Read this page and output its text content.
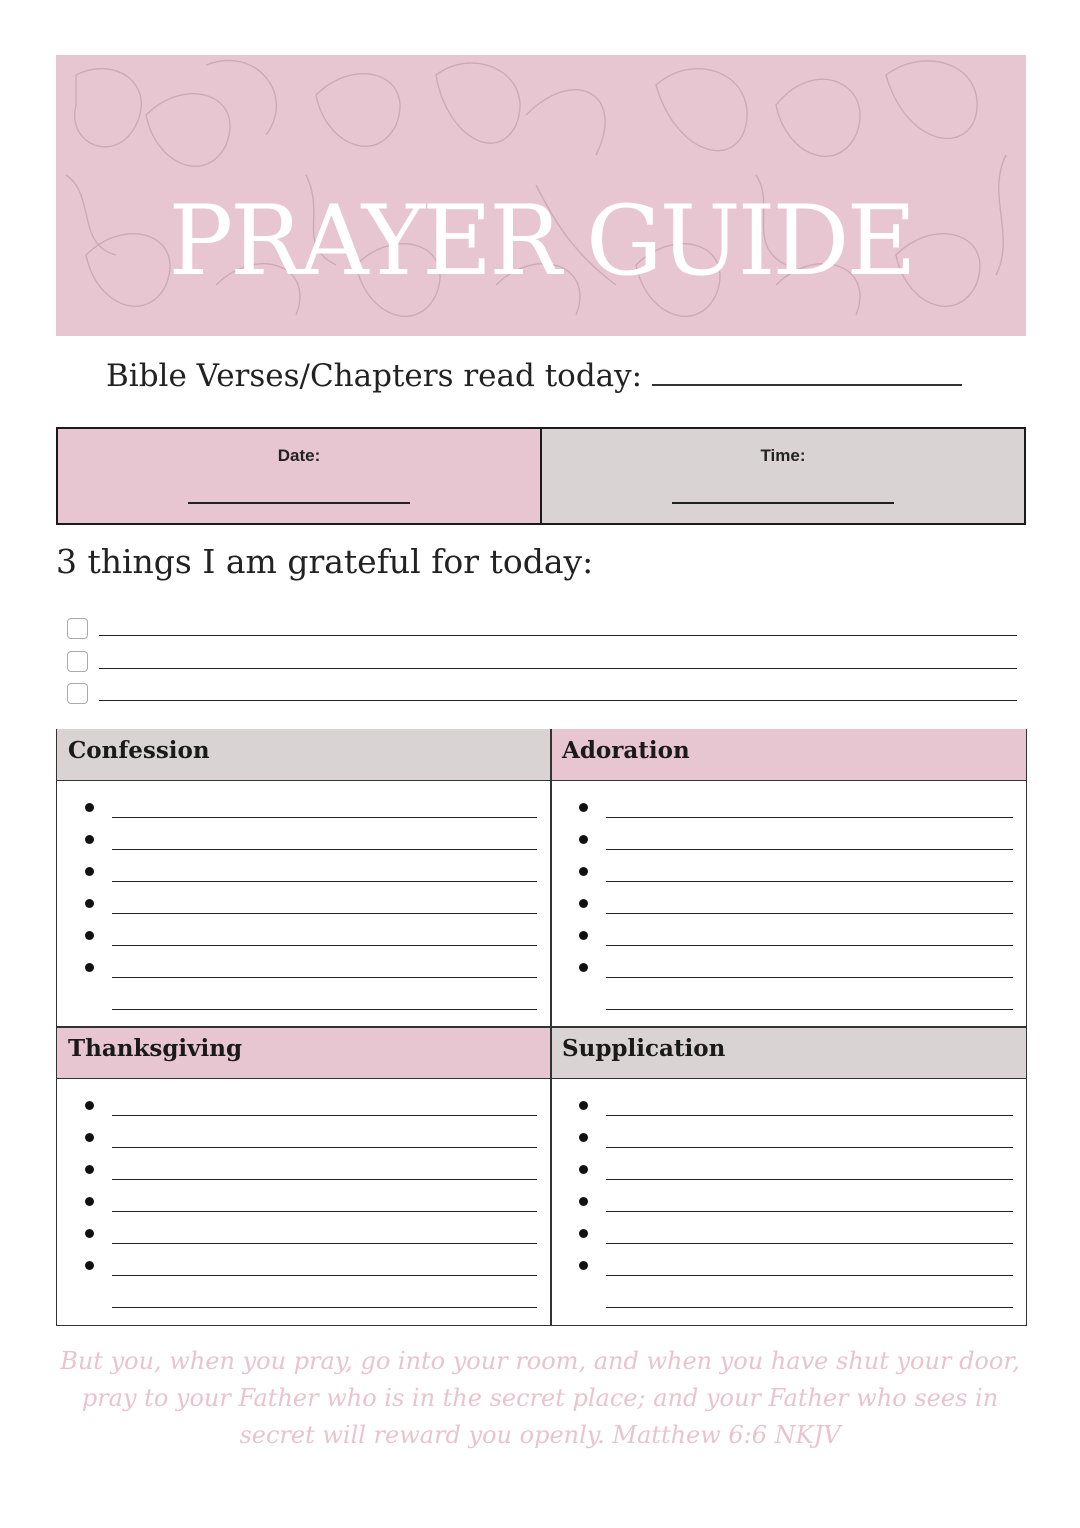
PRAYER GUIDE
Bible Verses/Chapters read today:
Date:	Time:
3 things I am grateful for today:
Confession	Adoration
Thanksgiving	Supplication
But you, when you pray, go into your room, and when you have shut your door, pray to your Father who is in the secret place; and your Father who sees in secret will reward you openly. Matthew 6:6 NKJV
